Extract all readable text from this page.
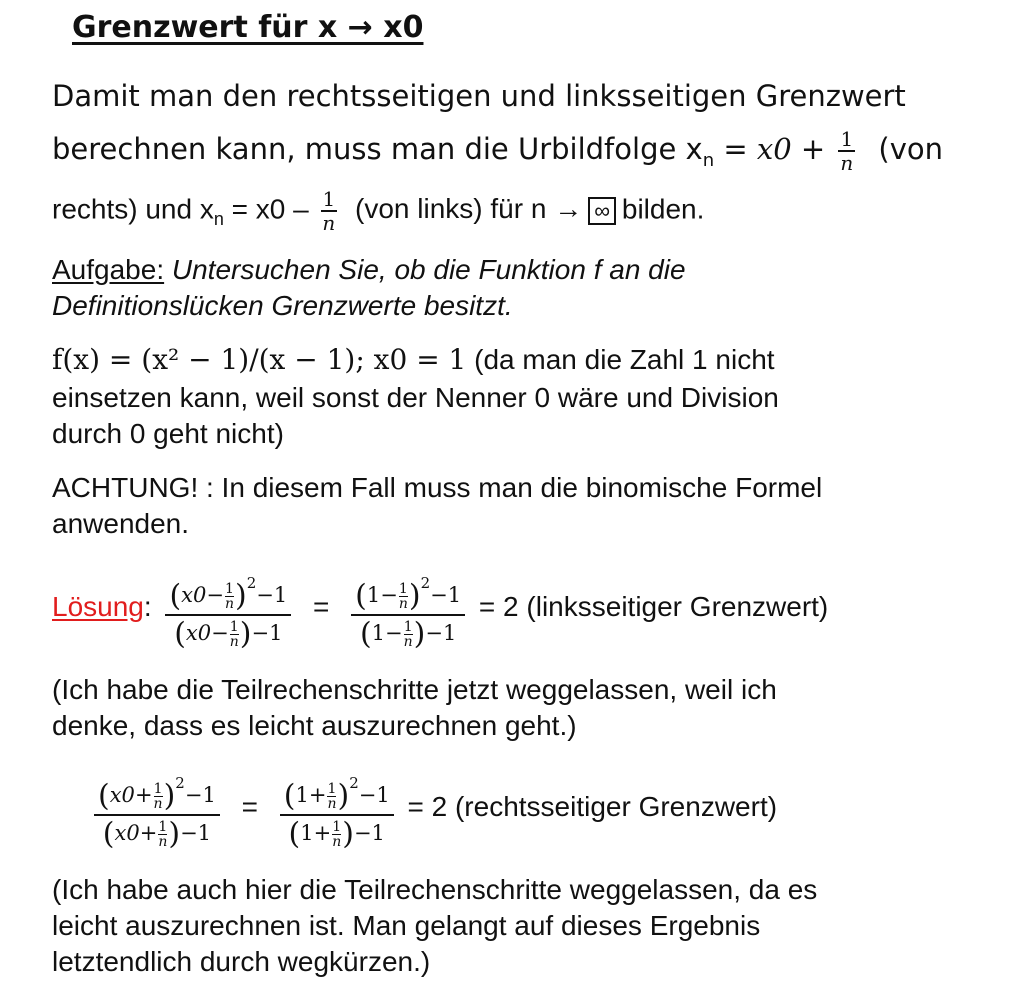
Grenzwert für x → x0
Damit man den rechtsseitigen und linksseitigen Grenzwert
berechnen kann, muss man die Urbildfolge $x_n = x0 + \frac{1}{n} (von$
rechts) und $x_n = x0 - \frac{1}{n} (von$ links) für n → ∞ bilden.
Aufgabe: Untersuchen Sie, ob die Funktion f an die
Definitionslücken Grenzwerte besitzt.
f(x) = (x² − 1)/(x − 1); x0 = 1 (da man die Zahl 1 nicht
einsetzen kann, weil sonst der Nenner 0 wäre und Division
durch 0 geht nicht)
ACHTUNG! : In diesem Fall muss man die binomische Formel
anwenden.
Lösung: $\frac{(x0- \frac{1}{n} )^2-1}{(x0- \frac{1}{n} )-1} = \frac{(1- \frac{1}{n} )^2-1}{(1- \frac{1}{n} )-1} = 2$ (linksseitiger Grenzwert)
(Ich habe die Teilrechenschritte jetzt weggelassen, weil ich
denke, dass es leicht auszurechnen geht.)
$\frac{(x0+ \frac{1}{n} )^2-1}{(x0+ \frac{1}{n} )-1} = \frac{(1+ \frac{1}{n} )^2-1}{(1+ \frac{1}{n} )-1} = 2$ (rechtsseitiger Grenzwert)
(Ich habe auch hier die Teilrechenschritte weggelassen, da es
leicht auszurechnen ist. Man gelangt auf dieses Ergebnis
letztendlich durch wegkürzen.)
